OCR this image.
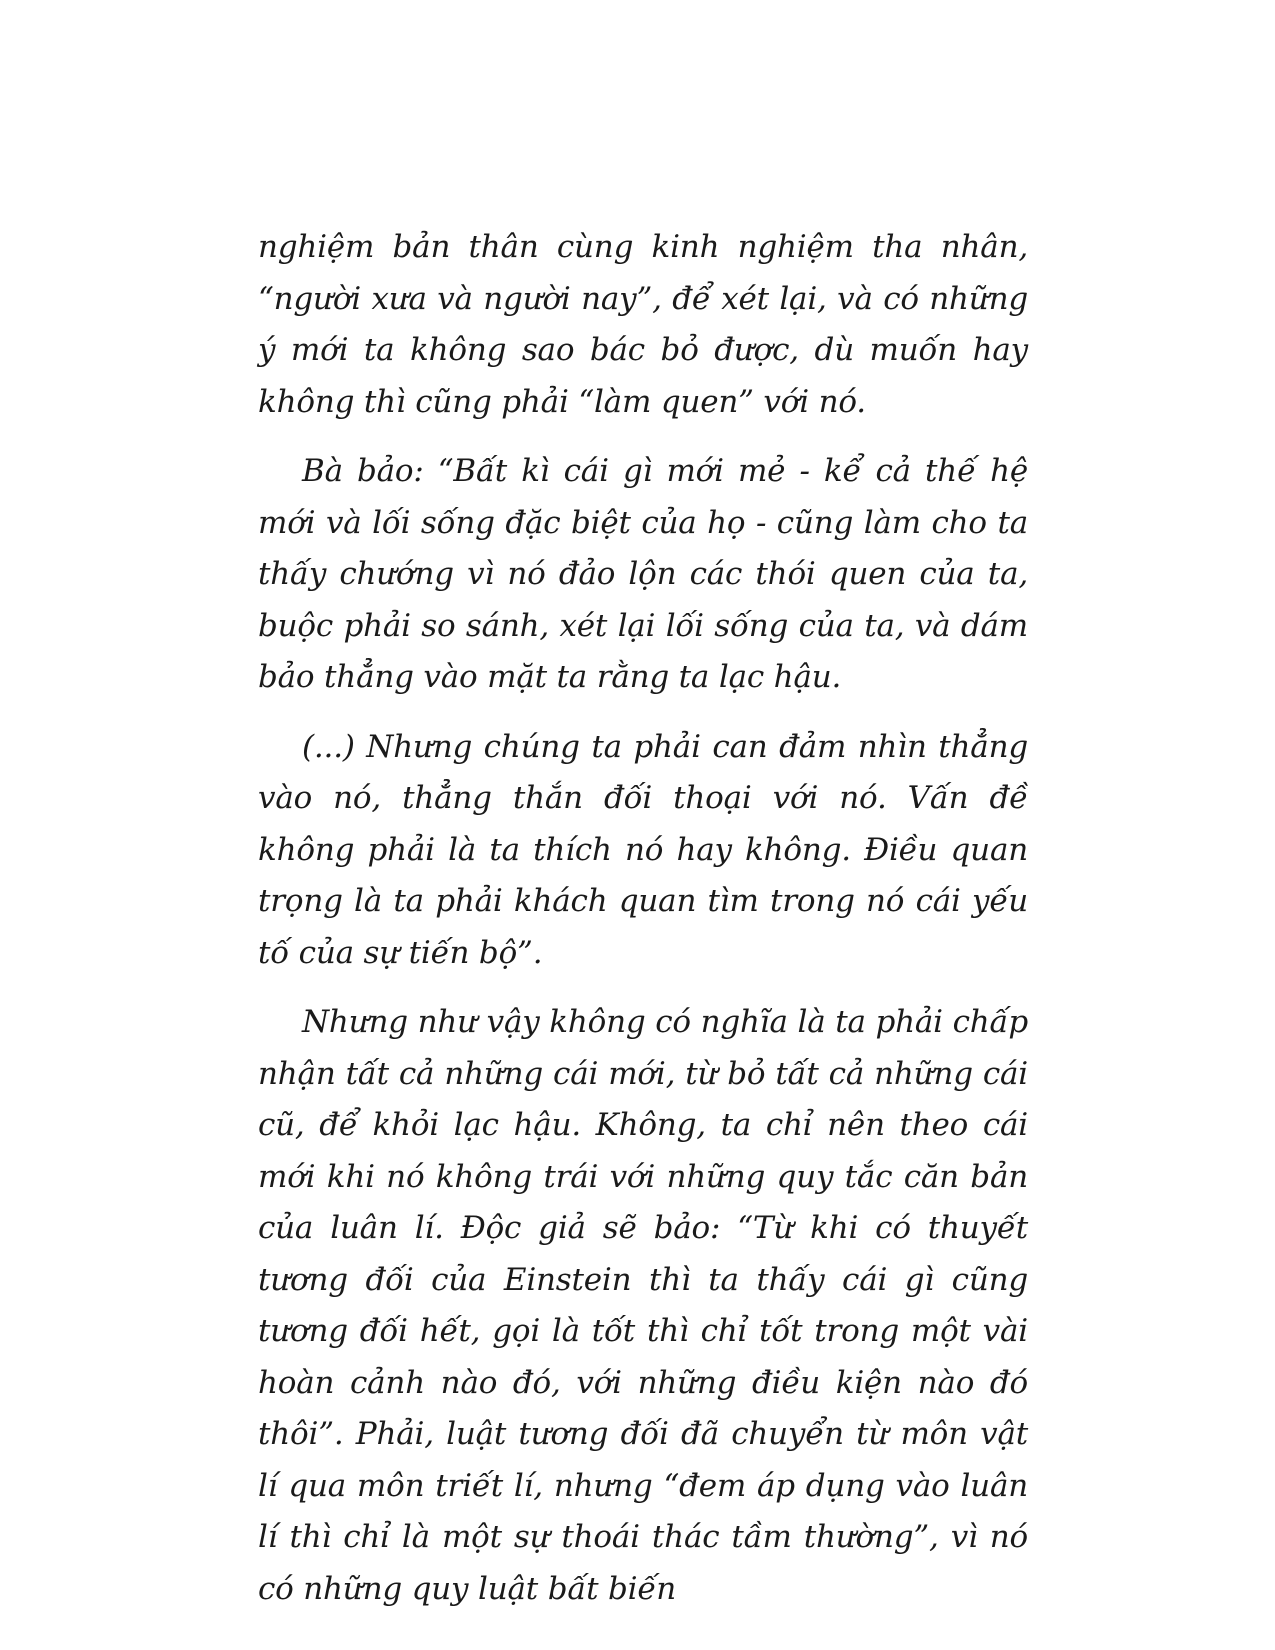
nghiệm bản thân cùng kinh nghiệm tha nhân, “người xưa và người nay”, để xét lại, và có những ý mới ta không sao bác bỏ được, dù muốn hay không thì cũng phải “làm quen” với nó.

Bà bảo: “Bất kì cái gì mới mẻ - kể cả thế hệ mới và lối sống đặc biệt của họ - cũng làm cho ta thấy chướng vì nó đảo lộn các thói quen của ta, buộc phải so sánh, xét lại lối sống của ta, và dám bảo thẳng vào mặt ta rằng ta lạc hậu.

(...) Nhưng chúng ta phải can đảm nhìn thẳng vào nó, thẳng thắn đối thoại với nó. Vấn đề không phải là ta thích nó hay không. Điều quan trọng là ta phải khách quan tìm trong nó cái yếu tố của sự tiến bộ”.

Nhưng như vậy không có nghĩa là ta phải chấp nhận tất cả những cái mới, từ bỏ tất cả những cái cũ, để khỏi lạc hậu. Không, ta chỉ nên theo cái mới khi nó không trái với những quy tắc căn bản của luân lí. Độc giả sẽ bảo: “Từ khi có thuyết tương đối của Einstein thì ta thấy cái gì cũng tương đối hết, gọi là tốt thì chỉ tốt trong một vài hoàn cảnh nào đó, với những điều kiện nào đó thôi”. Phải, luật tương đối đã chuyển từ môn vật lí qua môn triết lí, nhưng “đem áp dụng vào luân lí thì chỉ là một sự thoái thác tầm thường”, vì nó có những quy luật bất biến
